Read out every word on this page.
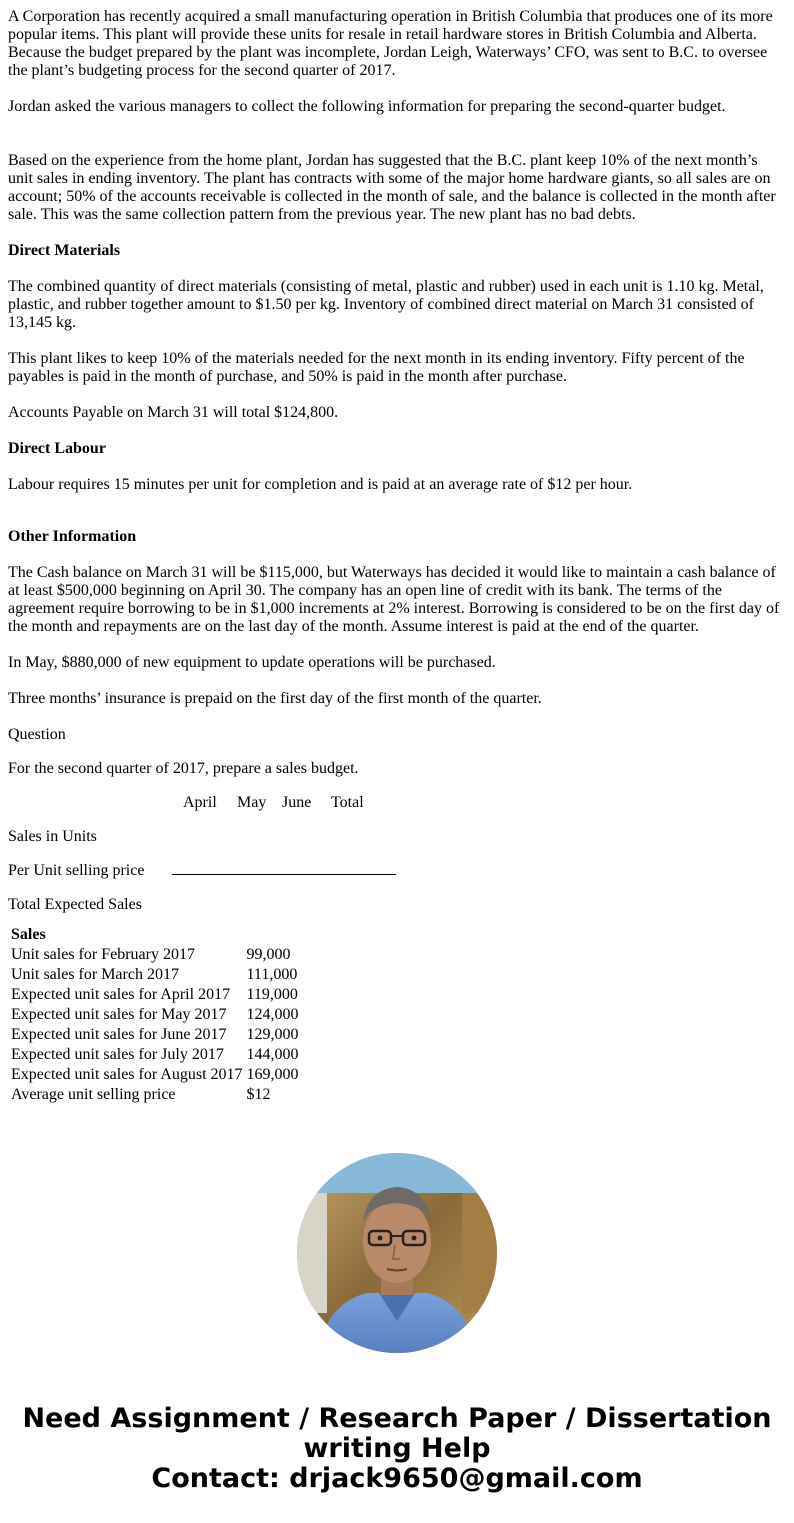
A Corporation has recently acquired a small manufacturing operation in British Columbia that produces one of its more popular items. This plant will provide these units for resale in retail hardware stores in British Columbia and Alberta. Because the budget prepared by the plant was incomplete, Jordan Leigh, Waterways’ CFO, was sent to B.C. to oversee the plant’s budgeting process for the second quarter of 2017.

Jordan asked the various managers to collect the following information for preparing the second-quarter budget.

Based on the experience from the home plant, Jordan has suggested that the B.C. plant keep 10% of the next month’s unit sales in ending inventory. The plant has contracts with some of the major home hardware giants, so all sales are on account; 50% of the accounts receivable is collected in the month of sale, and the balance is collected in the month after sale. This was the same collection pattern from the previous year. The new plant has no bad debts.

Direct Materials

The combined quantity of direct materials (consisting of metal, plastic and rubber) used in each unit is 1.10 kg. Metal, plastic, and rubber together amount to $1.50 per kg. Inventory of combined direct material on March 31 consisted of 13,145 kg.

This plant likes to keep 10% of the materials needed for the next month in its ending inventory. Fifty percent of the payables is paid in the month of purchase, and 50% is paid in the month after purchase.

Accounts Payable on March 31 will total $124,800.

Direct Labour

Labour requires 15 minutes per unit for completion and is paid at an average rate of $12 per hour.

Other Information

The Cash balance on March 31 will be $115,000, but Waterways has decided it would like to maintain a cash balance of at least $500,000 beginning on April 30. The company has an open line of credit with its bank. The terms of the agreement require borrowing to be in $1,000 increments at 2% interest. Borrowing is considered to be on the first day of the month and repayments are on the last day of the month. Assume interest is paid at the end of the quarter.

In May, $880,000 of new equipment to update operations will be purchased.

Three months’ insurance is prepaid on the first day of the first month of the quarter.

Question

For the second quarter of 2017, prepare a sales budget.

April May June Total
Sales in Units
Per Unit selling price
Total Expected Sales
Sales	
Unit sales for February 2017	99,000
Unit sales for March 2017	111,000
Expected unit sales for April 2017	119,000
Expected unit sales for May 2017	124,000
Expected unit sales for June 2017	129,000
Expected unit sales for July 2017	144,000
Expected unit sales for August 2017	169,000
Average unit selling price	$12
Need Assignment / Research Paper / Dissertation
writing Help
Contact: drjack9650@gmail.com
